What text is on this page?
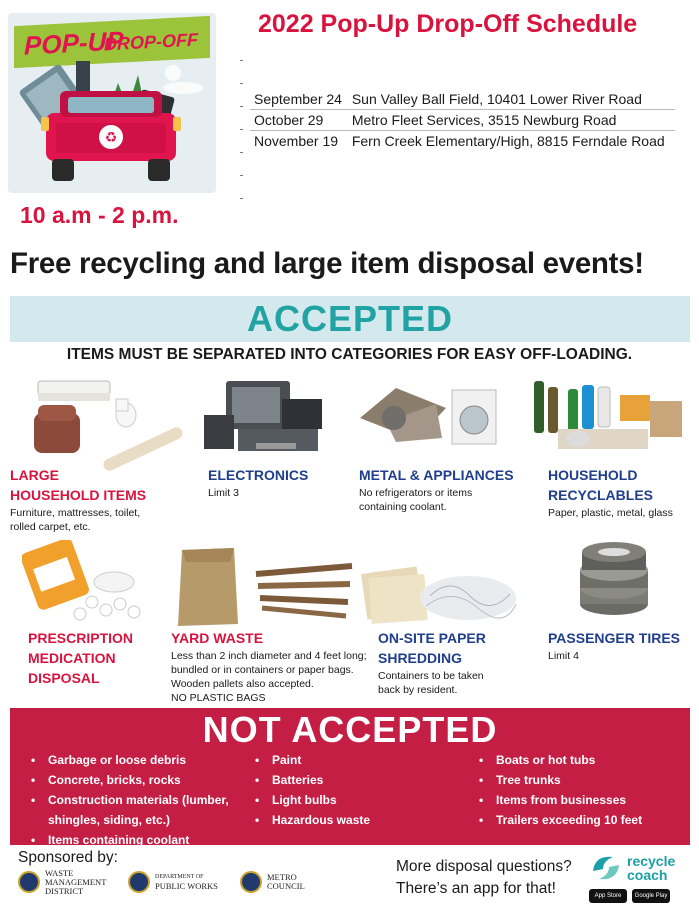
POP-UP
DROP-OFF
♻
10 a.m - 2 p.m.
2022 Pop-Up Drop-Off Schedule
September 24	Sun Valley Ball Field, 10401 Lower River Road
October 29	Metro Fleet Services, 3515 Newburg Road
November 19	Fern Creek Elementary/High, 8815 Ferndale Road
Free recycling and large item disposal events!
ACCEPTED
ITEMS MUST BE SEPARATED INTO CATEGORIES FOR EASY OFF-LOADING.
LARGE
HOUSEHOLD ITEMS

Furniture, mattresses, toilet,

rolled carpet, etc.

ELECTRONICS

Limit 3

METAL & APPLIANCES

No refrigerators or items

containing coolant.

HOUSEHOLD
RECYCLABLES

Paper, plastic, metal, glass

PRESCRIPTION
MEDICATION
DISPOSAL
YARD WASTE

Less than 2 inch diameter and 4 feet long;

bundled or in containers or paper bags.

Wooden pallets also accepted.

NO PLASTIC BAGS

ON-SITE PAPER
SHREDDING

Containers to be taken

back by resident.

PASSENGER TIRES

Limit 4

NOT ACCEPTED
• Garbage or loose debris
• Concrete, bricks, rocks
• Construction materials (lumber,
shingles, siding, etc.)
• Items containing coolant
• Paint
• Batteries
• Light bulbs
• Hazardous waste
• Boats or hot tubs
• Tree trunks
• Items from businesses
• Trailers exceeding 10 feet
Sponsored by:
WASTE
MANAGEMENT
DISTRICT
DEPARTMENT OF
PUBLIC WORKS
METRO
COUNCIL
More disposal questions?
There’s an app for that!
recycle
coach
App Store	Google Play
